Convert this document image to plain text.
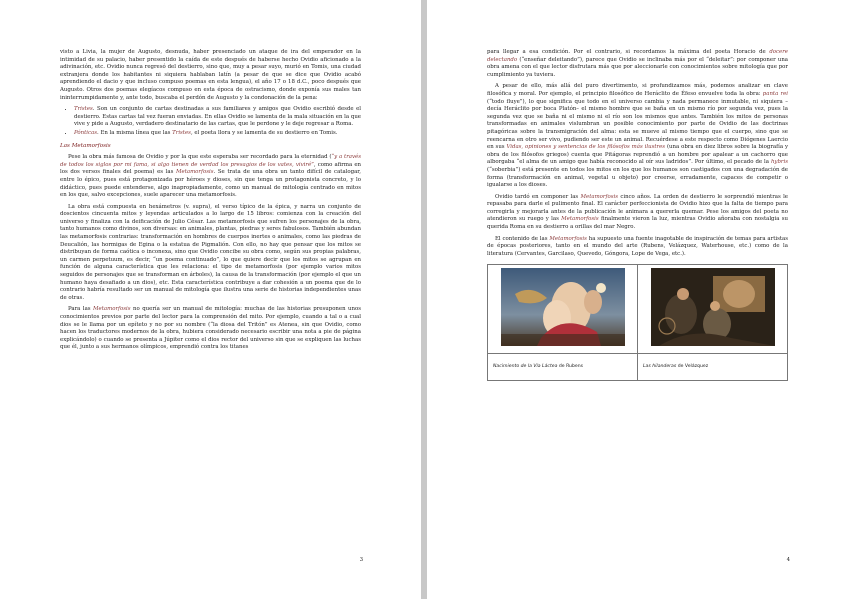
visto a Livia, la mujer de Augusto, desnuda, haber presenciado un ataque de ira del emperador en la intimidad de su palacio, haber presentido la caída de este después de haberse hecho Ovidio aficionado a la adivinación, etc. Ovidio nunca regresó del destierro, sino que, muy a pesar suyo, murió en Tomis, una ciudad extranjera donde los habitantes ni siquiera hablaban latín (a pesar de que se dice que Ovidio acabó aprendiendo el dacio y que incluso compuso poemas en esta lengua), el año 17 o 18 d.C., poco después que Augusto. Otros dos poemas elegíacos compuso en esta época de ostracismo, donde exponía sus males tan ininterrumpidamente y, ante todo, buscaba el perdón de Augusto y la condonación de la pena:

• Tristes. Son un conjunto de cartas destinadas a sus familiares y amigos que Ovidio escribió desde el destierro. Estas cartas tal vez fueran enviadas. En ellas Ovidio se lamenta de la mala situación en la que vive y pide a Augusto, verdadero destinatario de las cartas, que le perdone y le deje regresar a Roma.
• Pónticas. En la misma línea que las Tristes, el poeta llora y se lamenta de su destierro en Tomis.
Las Metamorfosis

Pese la obra más famosa de Ovidio y por la que este esperaba ser recordado para la eternidad (“y a través de todos los siglos por mi fama, si algo tienen de verdad los presagios de los vates, viviré”, como afirma en los dos versos finales del poema) es las Metamorfosis. Se trata de una obra un tanto difícil de catalogar, entre lo épico, pues está protagonizada por héroes y dioses, sin que tenga un protagonista concreto, y lo didáctico, pues puede entenderse, algo inapropiadamente, como un manual de mitología centrado en mitos en los que, salvo excepciones, suele aparecer una metamorfosis.

La obra está compuesta en hexámetros (v. supra), el verso típico de la épica, y narra un conjunto de doscientos cincuenta mitos y leyendas articulados a lo largo de 15 libros: comienza con la creación del universo y finaliza con la deificación de Julio César. Las metamorfosis que sufren los personajes de la obra, tanto humanos como divinos, son diversas: en animales, plantas, piedras y seres fabulosos. También abundan las metamorfosis contrarias: transformación en hombres de cuerpos inertes o animales, como las piedras de Deucalión, las hormigas de Egina o la estatua de Pigmalión. Con ello, no hay que pensar que los mitos se distribuyan de forma caótica o inconexa, sino que Ovidio concibe su obra como, según sus propias palabras, un carmen perpetuum, es decir, “un poema continuado”, lo que quiere decir que los mitos se agrupan en función de alguna característica que les relaciona: el tipo de metamorfosis (por ejemplo varios mitos seguidos de personajes que se transforman en árboles), la causa de la transformación (por ejemplo el que un humano haya desafiado a un dios), etc. Esta característica contribuye a dar cohesión a un poema que de lo contrario habría resultado ser un manual de mitología que ilustra una serie de historias independientes unas de otras.

Para las Metamorfosis no quería ser un manual de mitología: muchas de las historias presuponen unos conocimientos previos por parte del lector para la comprensión del mito. Por ejemplo, cuando a tal o a cual dios se le llama por un epíteto y no por su nombre (“la diosa del Tritón” es Atenea, sin que Ovidio, como hacen los traductores modernos de la obra, hubiera considerado necesario escribir una nota a pie de página explicándolo) o cuando se presenta a Júpiter como el dios rector del universo sin que se expliquen las luchas que él, junto a sus hermanos olímpicos, emprendió contra los titanes

3

para llegar a esa condición. Por el contrario, si recordamos la máxima del poeta Horacio de docere delectando (“enseñar deleitando”), parece que Ovidio se inclinaba más por el “deleitar”: por componer una obra amena con el que lector disfrutara más que por aleccionarle con conocimientos sobre mitología que por cumplimiento ya tuviera.

A pesar de ello, más allá del puro divertimento, si profundizamos más, podemos analizar en clave filosófica y moral. Por ejemplo, el principio filosófico de Heráclito de Éfeso envuelve toda la obra: panta rei (“todo fluye”), lo que significa que todo en el universo cambia y nada permanece inmutable, ni siquiera –decía Heráclito por boca Platón– el mismo hombre que se baña en un mismo río por segunda vez, pues la segunda vez que se baña ni el mismo ni el río son los mismos que antes. También los mitos de personas transformadas en animales vislumbran un posible conocimiento por parte de Ovidio de las doctrinas pitagóricas sobre la transmigración del alma: esta se mueve al mismo tiempo que el cuerpo, sino que se reencarna en otro ser vivo, pudiendo ser este un animal. Recuérdese a este respecto como Diógenes Laercio en sus Vidas, opiniones y sentencias de los filósofos más ilustres (una obra en diez libros sobre la biografía y obra de los filósofos griegos) cuenta que Pitágoras reprendió a un hombre por apalear a un cachorro que alborgaba “el alma de un amigo que había reconocido al oír sus ladridos”. Por último, el pecado de la hybris (“soberbia”) está presente en todos los mitos en los que los humanos son castigados con una degradación de forma (transformación en animal, vegetal u objeto) por creerse, erradamente, capaces de competir o igualarse a los dioses.

Ovidio tardó en componer las Metamorfosis cinco años. La orden de destierro le sorprendió mientras le repasaba para darle el pulimento final. El carácter perfeccionista de Ovidio hizo que la falta de tiempo para corregirla y mejorarla antes de la publicación le animara a quererla quemar. Pese los amigos del poeta no atendieron su ruego y las Metamorfosis finalmente vieron la luz, mientras Ovidio añoraba con nostalgia su querida Roma en su destierro a orillas del mar Negro.

El contenido de las Metamorfosis ha supuesto una fuente inagotable de inspiración de temas para artistas de épocas posteriores, tanto en el mundo del arte (Rubens, Velázquez, Waterhouse, etc.) como de la literatura (Cervantes, Garcilaso, Quevedo, Góngora, Lope de Vega, etc.).

Nacimiento de la Vía Láctea de Rubens	Las hilanderas de Velázquez
4
